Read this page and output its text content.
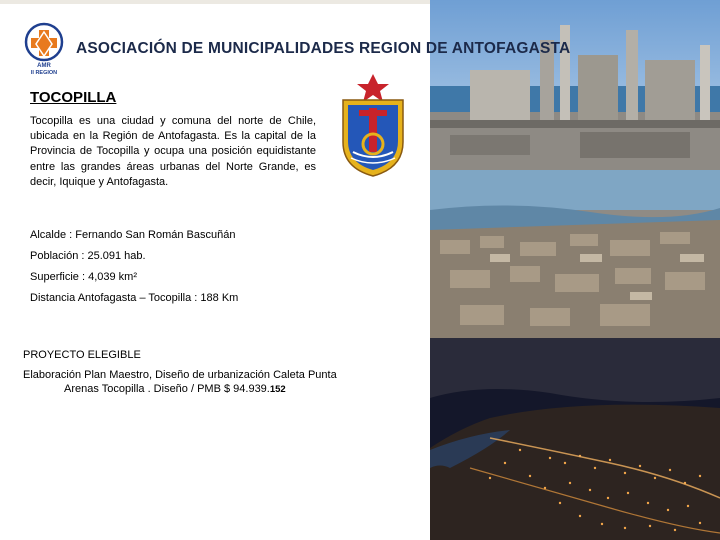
AMR
II REGION
ASOCIACIÓN DE MUNICIPALIDADES REGION DE ANTOFAGASTA
TOCOPILLA
Tocopilla es una ciudad y comuna del norte de Chile, ubicada en la Región de Antofagasta. Es la capital de la Provincia de Tocopilla y ocupa una posición equidistante entre las grandes áreas urbanas del Norte Grande, es decir, Iquique y Antofagasta.
Alcalde : Fernando San Román Bascuñán
Población : 25.091 hab.
Superficie : 4,039 km²
Distancia Antofagasta – Tocopilla : 188 Km
PROYECTO ELEGIBLE
Elaboración Plan Maestro, Diseño de urbanización Caleta Punta
Arenas Tocopilla . Diseño / PMB $ 94.939.152
